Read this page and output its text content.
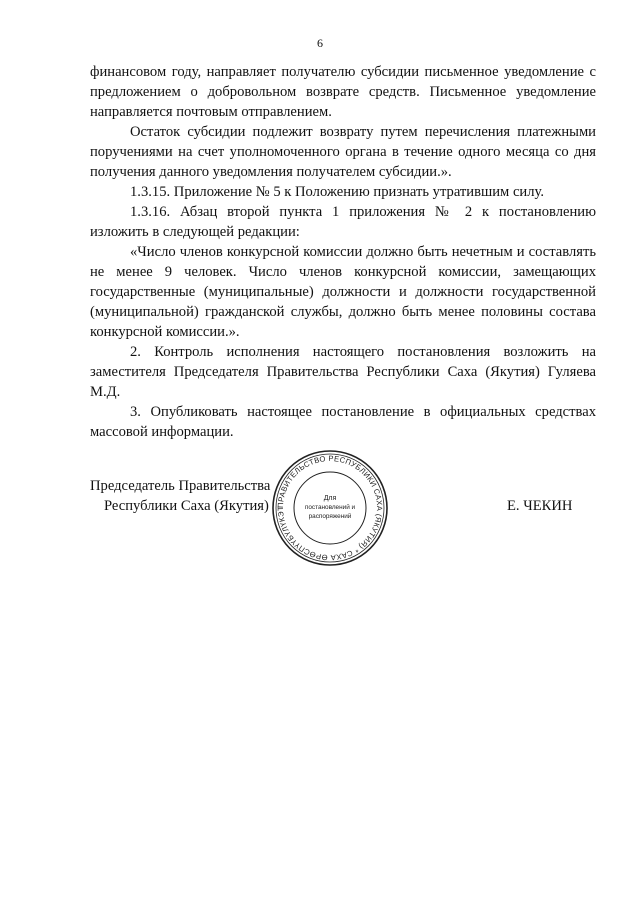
6

финансовом году, направляет получателю субсидии письменное уведомление с предложением о добровольном возврате средств. Письменное уведомление направляется почтовым отправлением.

Остаток субсидии подлежит возврату путем перечисления платежными поручениями на счет уполномоченного органа в течение одного месяца со дня получения данного уведомления получателем субсидии.».

1.3.15. Приложение № 5 к Положению признать утратившим силу.

1.3.16. Абзац второй пункта 1 приложения № 2 к постановлению изложить в следующей редакции:

«Число членов конкурсной комиссии должно быть нечетным и составлять не менее 9 человек. Число членов конкурсной комиссии, замещающих государственные (муниципальные) должности и должности государственной (муниципальной) гражданской службы, должно быть менее половины состава конкурсной комиссии.».

2. Контроль исполнения настоящего постановления возложить на заместителя Председателя Правительства Республики Саха (Якутия) Гуляева М.Д.

3. Опубликовать настоящее постановление в официальных средствах массовой информации.

Председатель Правительства
Республики Саха (Якутия)	Е. ЧЕКИН
ПРАВИТЕЛЬСТВО РЕСПУБЛИКИ САХА (ЯКУТИЯ) * САХА ӨРӨСПҮҮБҮЛҮКЭТ
Для
постановлений и
распоряжений
